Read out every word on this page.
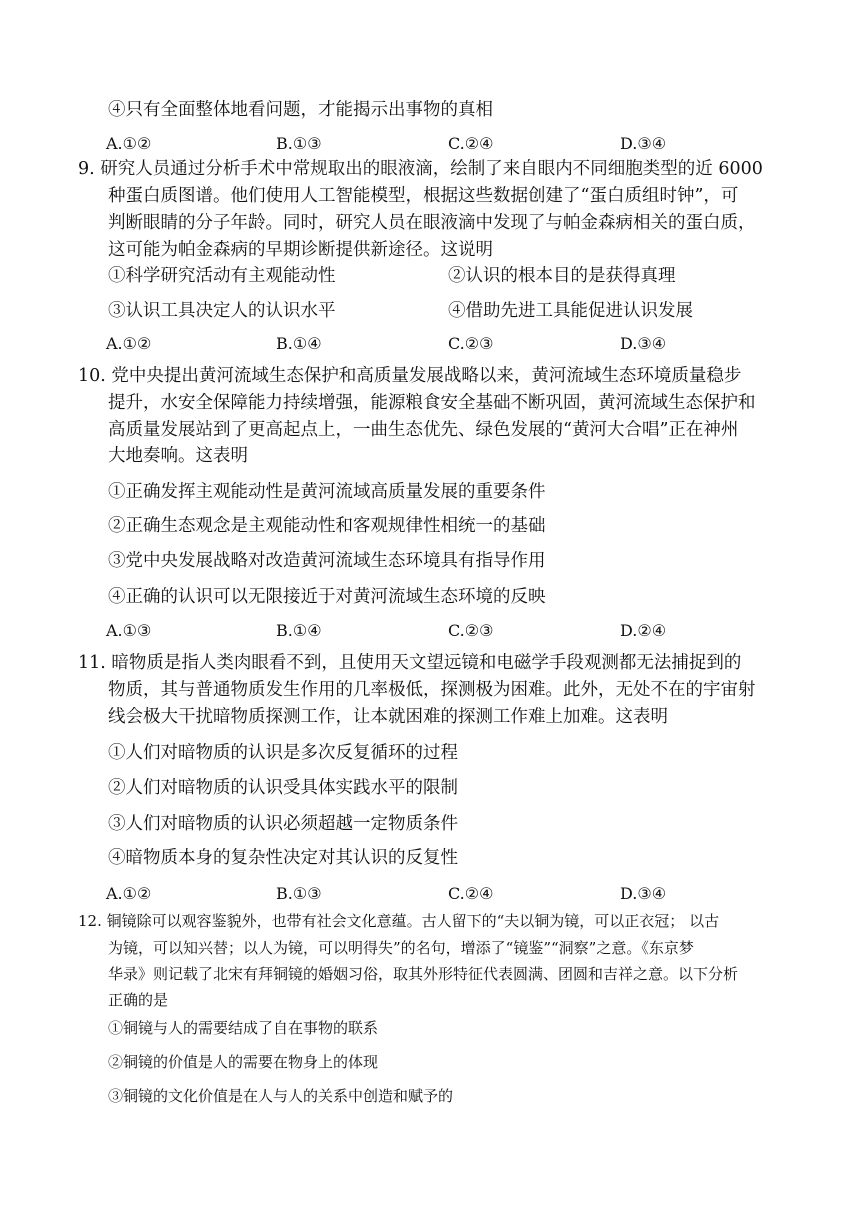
④只有全面整体地看问题，才能揭示出事物的真相
A.①②	B.①③	C.②④	D.③④
9. 研究人员通过分析手术中常规取出的眼液滴，绘制了来自眼内不同细胞类型的近 6000
种蛋白质图谱。他们使用人工智能模型，根据这些数据创建了“蛋白质组时钟”，可
判断眼睛的分子年龄。同时，研究人员在眼液滴中发现了与帕金森病相关的蛋白质，
这可能为帕金森病的早期诊断提供新途径。这说明
①科学研究活动有主观能动性	②认识的根本目的是获得真理
③认识工具决定人的认识水平	④借助先进工具能促进认识发展
A.①②	B.①④	C.②③	D.③④
10. 党中央提出黄河流域生态保护和高质量发展战略以来，黄河流域生态环境质量稳步
提升，水安全保障能力持续增强，能源粮食安全基础不断巩固，黄河流域生态保护和
高质量发展站到了更高起点上，一曲生态优先、绿色发展的“黄河大合唱”正在神州
大地奏响。这表明
①正确发挥主观能动性是黄河流域高质量发展的重要条件
②正确生态观念是主观能动性和客观规律性相统一的基础
③党中央发展战略对改造黄河流域生态环境具有指导作用
④正确的认识可以无限接近于对黄河流域生态环境的反映
A.①③	B.①④	C.②③	D.②④
11. 暗物质是指人类肉眼看不到，且使用天文望远镜和电磁学手段观测都无法捕捉到的
物质，其与普通物质发生作用的几率极低，探测极为困难。此外，无处不在的宇宙射
线会极大干扰暗物质探测工作，让本就困难的探测工作难上加难。这表明
①人们对暗物质的认识是多次反复循环的过程
②人们对暗物质的认识受具体实践水平的限制
③人们对暗物质的认识必须超越一定物质条件
④暗物质本身的复杂性决定对其认识的反复性
A.①②	B.①③	C.②④	D.③④
12. 铜镜除可以观容鉴貌外，也带有社会文化意蕴。古人留下的“夫以铜为镜，可以正衣冠； 以古
为镜，可以知兴替；以人为镜，可以明得失”的名句，增添了“镜鉴”“洞察”之意。《东京梦
华录》则记载了北宋有拜铜镜的婚姻习俗，取其外形特征代表圆满、团圆和吉祥之意。以下分析
正确的是
①铜镜与人的需要结成了自在事物的联系
②铜镜的价值是人的需要在物身上的体现
③铜镜的文化价值是在人与人的关系中创造和赋予的
